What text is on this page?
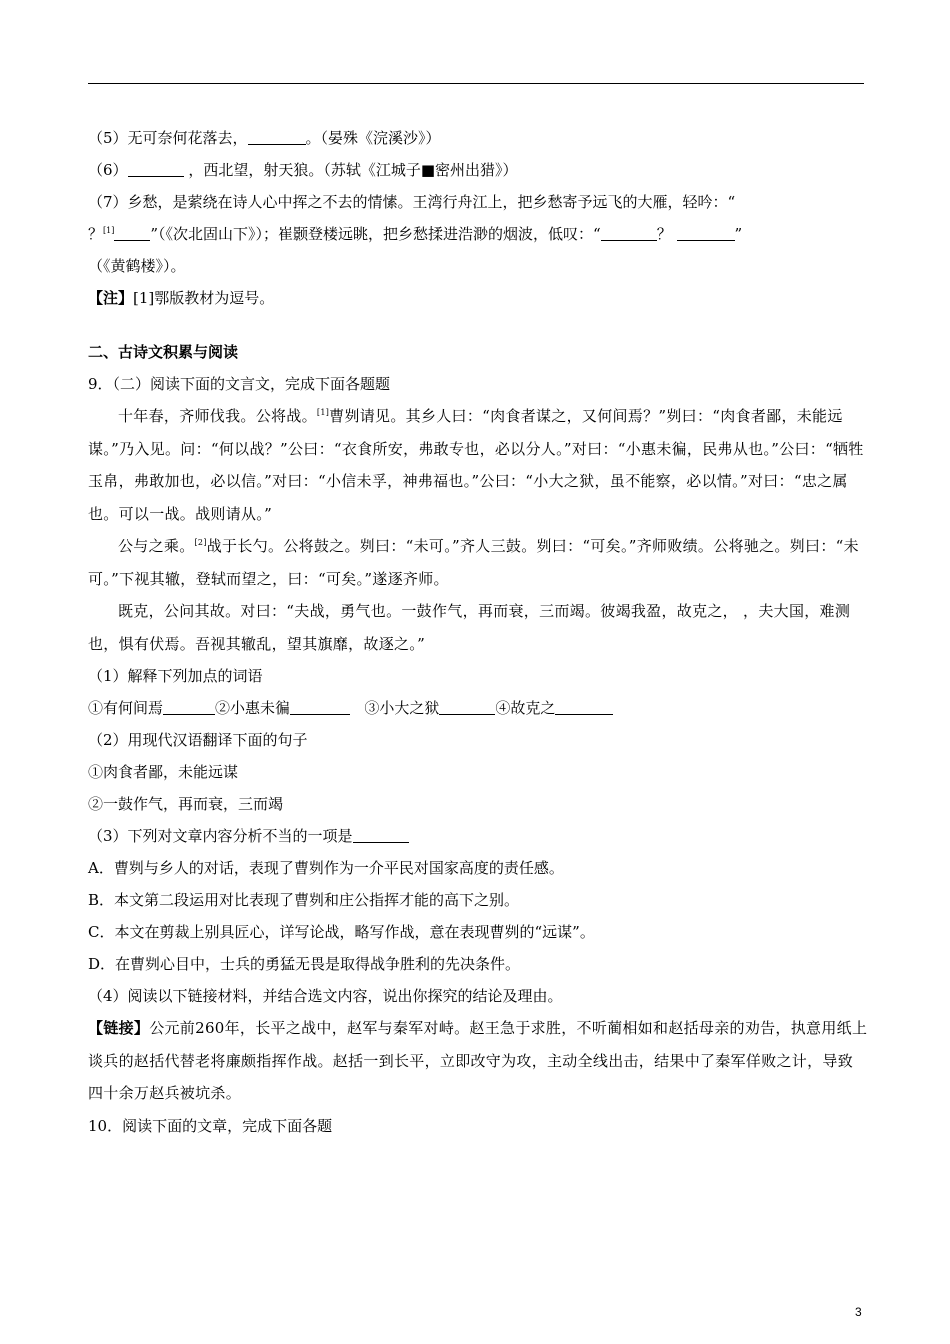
（5）无可奈何花落去，	。（晏殊《浣溪沙》）
（6）	，西北望，射天狼。（苏轼《江城子■密州出猎》）
（7）乡愁，是萦绕在诗人心中挥之不去的情愫。王湾行舟江上，把乡愁寄予远飞的大雁，轻吟：“
？[1] ”（《次北固山下》）；崔颢登楼远眺，把乡愁揉进浩渺的烟波，低叹：“	？	”
（《黄鹤楼》）。
【注】[1]鄂版教材为逗号。
二、古诗文积累与阅读
9．（二）阅读下面的文言文，完成下面各题题
十年春，齐师伐我。公将战。[1]曹刿请见。其乡人曰：“肉食者谋之，又何间焉？”刿曰：“肉食者鄙，未能远谋。”乃入见。问：“何以战？”公曰：“衣食所安，弗敢专也，必以分人。”对曰：“小惠未徧，民弗从也。”公曰：“牺牲玉帛，弗敢加也，必以信。”对曰：“小信未孚，神弗福也。”公曰：“小大之狱，虽不能察，必以情。”对曰：“忠之属也。可以一战。战则请从。”
公与之乘。[2]战于长勺。公将鼓之。刿曰：“未可。”齐人三鼓。刿曰：“可矣。”齐师败绩。公将驰之。刿曰：“未可。”下视其辙，登轼而望之，曰：“可矣。”遂逐齐师。
既克，公问其故。对曰：“夫战，勇气也。一鼓作气，再而衰，三而竭。彼竭我盈，故克之， ，夫大国，难测也，惧有伏焉。吾视其辙乱，望其旗靡，故逐之。”
（1）解释下列加点的词语
①有何间焉	②小惠未徧	③小大之狱	④故克之
（2）用现代汉语翻译下面的句子
①肉食者鄙，未能远谋
②一鼓作气，再而衰，三而竭
（3）下列对文章内容分析不当的一项是
A．曹刿与乡人的对话，表现了曹刿作为一介平民对国家高度的责任感。
B．本文第二段运用对比表现了曹刿和庄公指挥才能的高下之别。
C．本文在剪裁上别具匠心，详写论战，略写作战，意在表现曹刿的“远谋”。
D．在曹刿心目中，士兵的勇猛无畏是取得战争胜利的先决条件。
（4）阅读以下链接材料，并结合选文内容，说出你探究的结论及理由。
【链接】公元前260年，长平之战中，赵军与秦军对峙。赵王急于求胜，不听蔺相如和赵括母亲的劝告，执意用纸上谈兵的赵括代替老将廉颇指挥作战。赵括一到长平，立即改守为攻，主动全线出击，结果中了秦军佯败之计，导致四十余万赵兵被坑杀。
10．阅读下面的文章，完成下面各题
3
